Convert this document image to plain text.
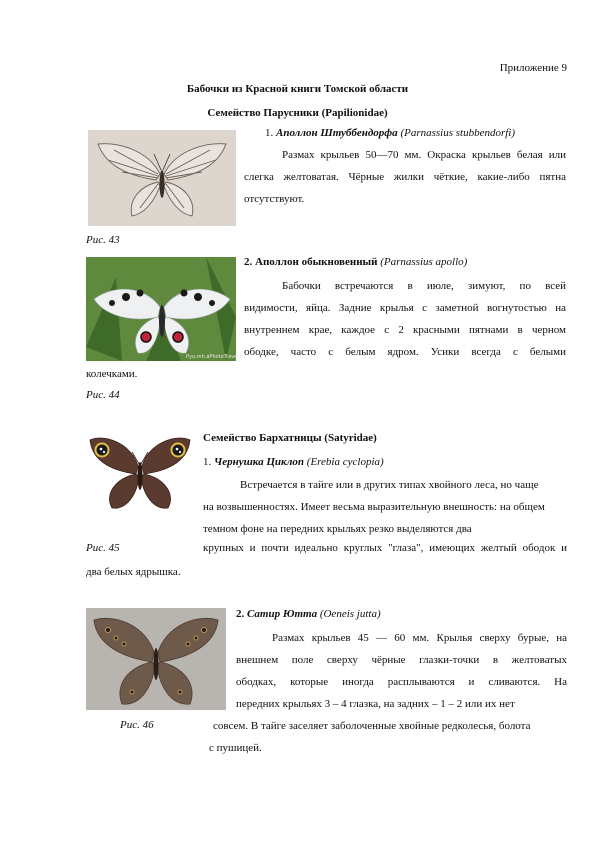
Приложение 9
Бабочки из Красной книги Томской области
Семейство Парусники (Papilionidae)
1. Аполлон Штуббендорфа (Parnassius stubbendorfi)
Размах крыльев 50—70 мм. Окраска крыльев белая или
слегка желтоватая. Чёрные жилки чёткие, какие-либо пятна
отсутствуют.
Рис. 43
Pyu.mh.aPhotoTravel.ru
2. Аполлон обыкновенный (Parnassius apollo)
Бабочки встречаются в июле, зимуют, по всей
видимости, яйца. Задние крылья с заметной вогнутостью на
внутреннем крае, каждое с 2 красными пятнами в черном
ободке, часто с белым ядром. Усики всегда с белыми
колечками.
Рис. 44
Семейство Бархатницы (Satyridae)
1. Чернушка Циклоп (Erebia cyclopia)
Встречается в тайге или в других типах хвойного леса, но чаще
на возвышенностях. Имеет весьма выразительную внешность: на общем
темном фоне на передних крыльях резко выделяются два
Рис. 45	крупных и почти идеально круглых "глаза", имеющих желтый ободок и
два белых ядрышка.
2. Сатир Ютта (Oeneis jutta)
Размах крыльев 45 — 60 мм. Крылья сверху бурые, на
внешнем поле сверху чёрные глазки-точки в желтоватых
ободках, которые иногда расплываются и сливаются. На
передних крыльях 3 – 4 глазка, на задних – 1 – 2 или их нет
Рис. 46	совсем. В тайге заселяет заболоченные хвойные редколесья, болота
с пушицей.
